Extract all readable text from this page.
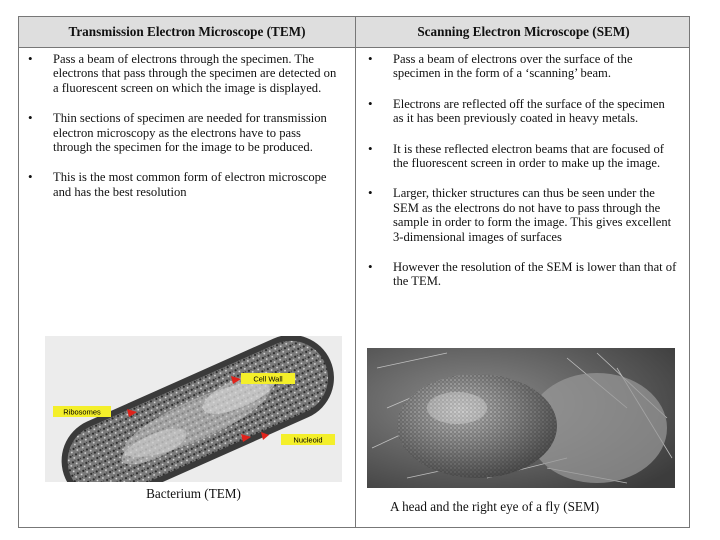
Transmission Electron Microscope (TEM)	Scanning Electron Microscope (SEM)
• Pass a beam of electrons through the specimen. The electrons that pass through the specimen are detected on a fluorescent screen on which the image is displayed.
• Thin sections of specimen are needed for transmission electron microscopy as the electrons have to pass through the specimen for the image to be produced.
• This is the most common form of electron microscope and has the best resolution
• Pass a beam of electrons over the surface of the specimen in the form of a ‘scanning’ beam.
• Electrons are reflected off the surface of the specimen as it has been previously coated in heavy metals.
• It is these reflected electron beams that are focused of the fluorescent screen in order to make up the image.
• Larger, thicker structures can thus be seen under the SEM as the electrons do not have to pass through the sample in order to form the image. This gives excellent 3-dimensional images of surfaces
• However the resolution of the SEM is lower than that of the TEM.
Cell Wall
Ribosomes
Nucleoid
Bacterium (TEM)
A head and the right eye of a fly (SEM)
